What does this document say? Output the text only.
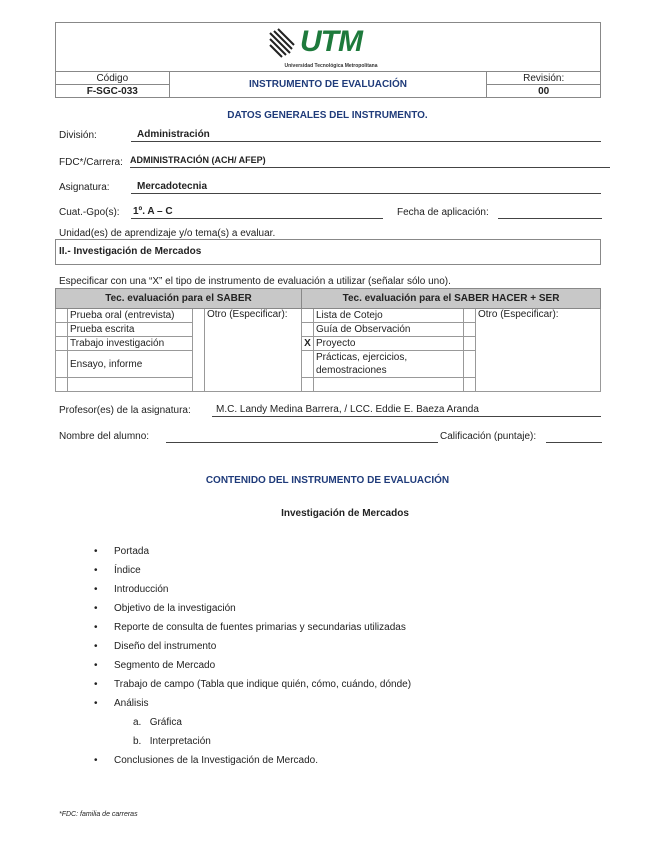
UTM
Universidad Tecnológica Metropolitana		

Código	INSTRUMENTO DE EVALUACIÓN	Revisión:
F-SGC-033		00
DATOS GENERALES DEL INSTRUMENTO.
División:	Administración
FDC*/Carrera: ADMINISTRACIÓN (ACH/ AFEP)
Asignatura:	Mercadotecnia
Cuat.-Gpo(s): 1º. A – C	Fecha de aplicación:
Unidad(es) de aprendizaje y/o tema(s) a evaluar.
II.- Investigación de Mercados
Especificar con una “X” el tipo de instrumento de evaluación a utilizar (señalar sólo uno).
Tec. evaluación para el SABER				Tec. evaluación para el SABER HACER + SER			
	Prueba oral (entrevista)		Otro (Especificar):		Lista de Cotejo		Otro (Especificar):
	Prueba escrita				Guía de Observación		
	Trabajo investigación			X	Proyecto		
	Ensayo, informe				Prácticas, ejercicios, demostraciones		

Profesor(es) de la asignatura:	M.C. Landy Medina Barrera, / LCC. Eddie E. Baeza Aranda
Nombre del alumno:	Calificación (puntaje):
CONTENIDO DEL INSTRUMENTO DE EVALUACIÓN
Investigación de Mercados
• Portada
• Índice
• Introducción
• Objetivo de la investigación
• Reporte de consulta de fuentes primarias y secundarias utilizadas
• Diseño del instrumento
• Segmento de Mercado
• Trabajo de campo (Tabla que indique quién, cómo, cuándo, dónde)
• Análisis
a. Gráfica
b. Interpretación
• Conclusiones de la Investigación de Mercado.
*FDC: familia de carreras
